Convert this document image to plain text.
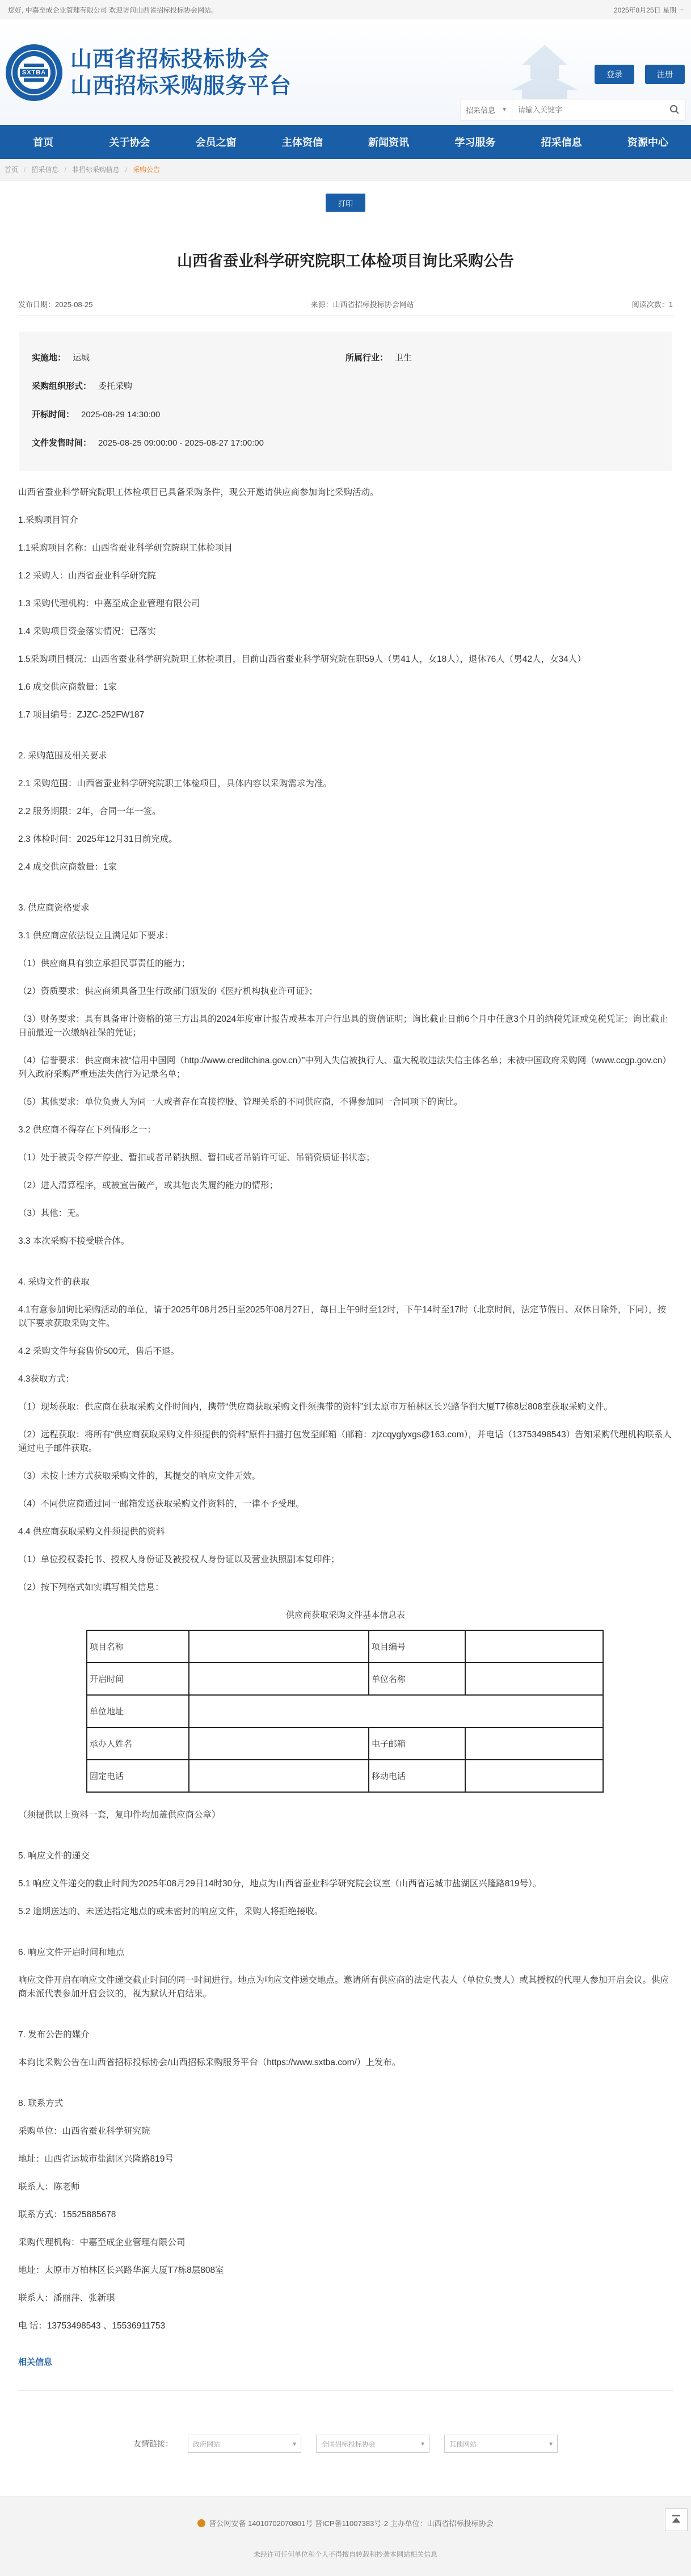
您好, 中嘉至成企业管理有限公司 欢迎访问山西省招标投标协会网站。	2025年8月25日 星期一
SXTBA
山西省招标投标协会
山西招标采购服务平台	登录	注册
招采信息 ▼
请输入关键字
首页	关于协会	会员之窗	主体资信	新闻资讯	学习服务	招采信息	资源中心
首页 / 招采信息 / 非招标采购信息 / 采购公告
打印
山西省蚕业科学研究院职工体检项目询比采购公告
发布日期：2025-08-25	来源：山西省招标投标协会网站	阅读次数：1
实施地： 运城	所属行业： 卫生
采购组织形式： 委托采购
开标时间： 2025-08-29 14:30:00
文件发售时间： 2025-08-25 09:00:00 - 2025-08-27 17:00:00

山西省蚕业科学研究院职工体检项目已具备采购条件，现公开邀请供应商参加询比采购活动。

1.采购项目简介

1.1采购项目名称：山西省蚕业科学研究院职工体检项目

1.2 采购人：山西省蚕业科学研究院

1.3 采购代理机构：中嘉至成企业管理有限公司

1.4 采购项目资金落实情况：已落实

1.5采购项目概况：山西省蚕业科学研究院职工体检项目，目前山西省蚕业科学研究院在职59人（男41人，女18人），退休76人（男42人，女34人）

1.6 成交供应商数量：1家

1.7 项目编号：ZJZC-252FW187

2. 采购范围及相关要求

2.1 采购范围：山西省蚕业科学研究院职工体检项目，具体内容以采购需求为准。

2.2 服务期限：2年，合同一年一签。

2.3 体检时间：2025年12月31日前完成。

2.4 成交供应商数量：1家

3. 供应商资格要求

3.1 供应商应依法设立且满足如下要求：

（1）供应商具有独立承担民事责任的能力；

（2）资质要求：供应商须具备卫生行政部门颁发的《医疗机构执业许可证》；

（3）财务要求：具有具备审计资格的第三方出具的2024年度审计报告或基本开户行出具的资信证明；询比截止日前6个月中任意3个月的纳税凭证或免税凭证；询比截止日前最近一次缴纳社保的凭证；

（4）信誉要求：供应商未被“信用中国网（http://www.creditchina.gov.cn）”中列入失信被执行人、重大税收违法失信主体名单；未被中国政府采购网（www.ccgp.gov.cn）列入政府采购严重违法失信行为记录名单；

（5）其他要求：单位负责人为同一人或者存在直接控股、管理关系的不同供应商，不得参加同一合同项下的询比。

3.2 供应商不得存在下列情形之一：

（1）处于被责令停产停业、暂扣或者吊销执照、暂扣或者吊销许可证、吊销资质证书状态；

（2）进入清算程序，或被宣告破产，或其他丧失履约能力的情形；

（3）其他：无。

3.3 本次采购不接受联合体。

4. 采购文件的获取

4.1有意参加询比采购活动的单位，请于2025年08月25日至2025年08月27日，每日上午9时至12时，下午14时至17时（北京时间，法定节假日、双休日除外，下同），按以下要求获取采购文件。

4.2 采购文件每套售价500元，售后不退。

4.3获取方式：

（1）现场获取：供应商在获取采购文件时间内，携带“供应商获取采购文件须携带的资料”到太原市万柏林区长兴路华润大厦T7栋8层808室获取采购文件。

（2）远程获取：将所有“供应商获取采购文件须提供的资料”原件扫描打包发至邮箱（邮箱：zjzcqyglyxgs@163.com），并电话（13753498543）告知采购代理机构联系人通过电子邮件获取。

（3）未按上述方式获取采购文件的，其提交的响应文件无效。

（4）不同供应商通过同一邮箱发送获取采购文件资料的，一律不予受理。

4.4 供应商获取采购文件须提供的资料

（1）单位授权委托书、授权人身份证及被授权人身份证以及营业执照副本复印件；

（2）按下列格式如实填写相关信息：

供应商获取采购文件基本信息表
项目名称		项目编号	
开启时间		单位名称	
单位地址			
承办人姓名		电子邮箱	
固定电话		移动电话	

（须提供以上资料一套，复印件均加盖供应商公章）

5. 响应文件的递交

5.1 响应文件递交的截止时间为2025年08月29日14时30分，地点为山西省蚕业科学研究院会议室（山西省运城市盐湖区兴隆路819号）。

5.2 逾期送达的、未送达指定地点的或未密封的响应文件，采购人将拒绝接收。

6. 响应文件开启时间和地点

响应文件开启在响应文件递交截止时间的同一时间进行。地点为响应文件递交地点。邀请所有供应商的法定代表人（单位负责人）或其授权的代理人参加开启会议。供应商未派代表参加开启会议的，视为默认开启结果。

7. 发布公告的媒介

本询比采购公告在山西省招标投标协会/山西招标采购服务平台（https://www.sxtba.com/）上发布。

8. 联系方式

采购单位：山西省蚕业科学研究院

地址：山西省运城市盐湖区兴隆路819号

联系人：陈老师

联系方式：15525885678

采购代理机构：中嘉至成企业管理有限公司

地址：太原市万柏林区长兴路华润大厦T7栋8层808室

联系人：潘丽萍、张新琪

电 话：13753498543 、15536911753

相关信息
友情链接：	政府网站	▾	全国招标投标协会	▾	其他网站	▾
晋公网安备 14010702070801号 晋ICP备11007383号-2 主办单位：山西省招标投标协会
未经许可任何单位和个人不得擅自转载和抄袭本网站相关信息
